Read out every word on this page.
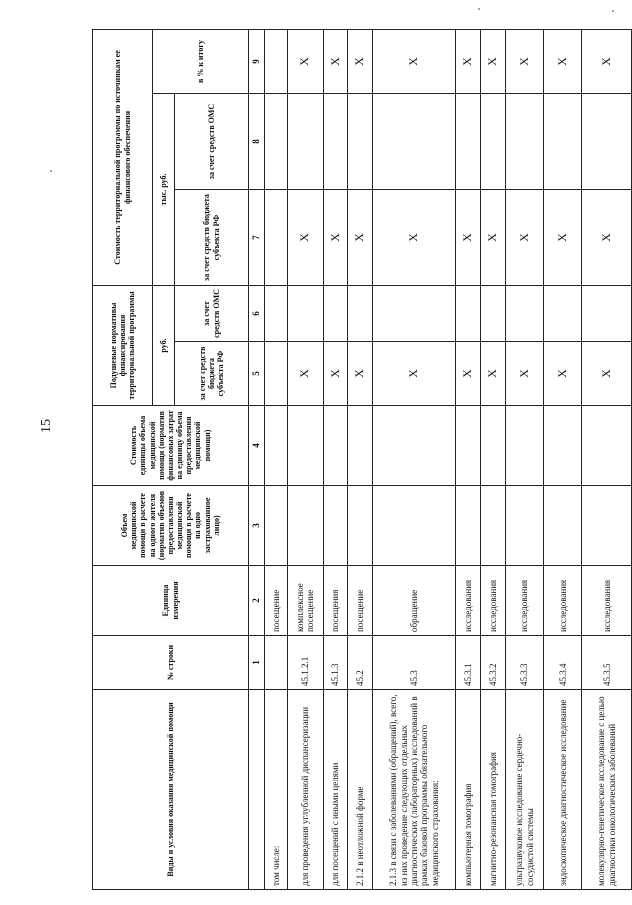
15
Виды и условия оказания медицинской помощи	№ строки	Единица измерения	Объем медицинской помощи в расчете на одного жителя (норматив объемов предоставления медицинской помощи в расчете на одно застрахованное лицо)	Стоимость единицы объема медицинской помощи (норматив финансовых затрат на единицу объема предоставления медицинской помощи)	Подушевые нормативы финансирования территориальной программы		Стоимость территориальной программы по источникам ее финансового обеспечения		
					руб.		тыс. руб.		в % к итогу
					за счет средств бюджета субъекта РФ	за счет средств ОМС	за счет средств бюджета субъекта РФ	за счет средств ОМС	
	1	2	3	4	5	6	7	8	9
том числе:		посещение							
для проведения углубленной диспансеризации	45.1.2.1	комплексное посещение			X		X		X
для посещений с иными целями	45.1.3	посещения			X		X		X
2.1.2 в неотложной форме	45.2	посещение			X		X		X
2.1.3 в связи с заболеваниями (обращений), всего, из них проведение следующих отдельных диагностических (лабораторных) исследований в рамках базовой программы обязательного медицинского страхования:	45.3	обращение			X		X		X
компьютерная томография	45.3.1	исследования			X		X		X
магнитно-резонансная томография	45.3.2	исследования			X		X		X
ультразвуковое исследование сердечно-сосудистой системы	45.3.3	исследования			X		X		X
эндоскопическое диагностическое исследование	45.3.4	исследования			X		X		X
молекулярно-генетическое исследование с целью диагностики онкологических заболеваний	45.3.5	исследования			X		X		X
